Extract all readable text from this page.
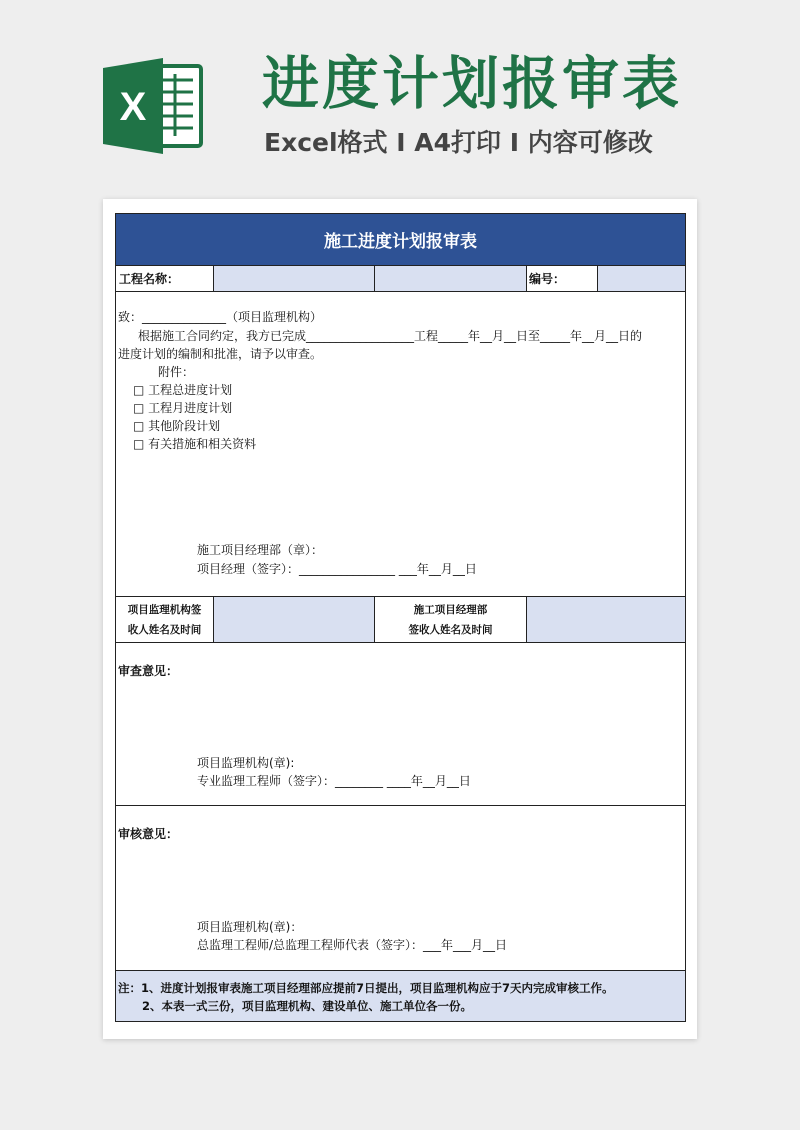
X 进度计划报审表
Excel格式 I A4打印 I 内容可修改
施工进度计划报审表
工程名称：	编号：
致：______________（项目监理机构）
根据施工合同约定，我方已完成__________________工程_____年__月__日至_____年__月__日的
进度计划的编制和批准，请予以审查。
附件：
□ 工程总进度计划
□ 工程月进度计划
□ 其他阶段计划
□ 有关措施和相关资料
施工项目经理部（章）：
项目经理（签字）：________________ ___年__月__日
项目监理机构签
收人姓名及时间
施工项目经理部
签收人姓名及时间
审查意见：
项目监理机构(章):
专业监理工程师（签字）：________ ____年__月__日
审核意见：
项目监理机构(章)：
总监理工程师/总监理工程师代表（签字）：___年___月__日
注：1、进度计划报审表施工项目经理部应提前7日提出，项目监理机构应于7天内完成审核工作。
2、本表一式三份，项目监理机构、建设单位、施工单位各一份。
